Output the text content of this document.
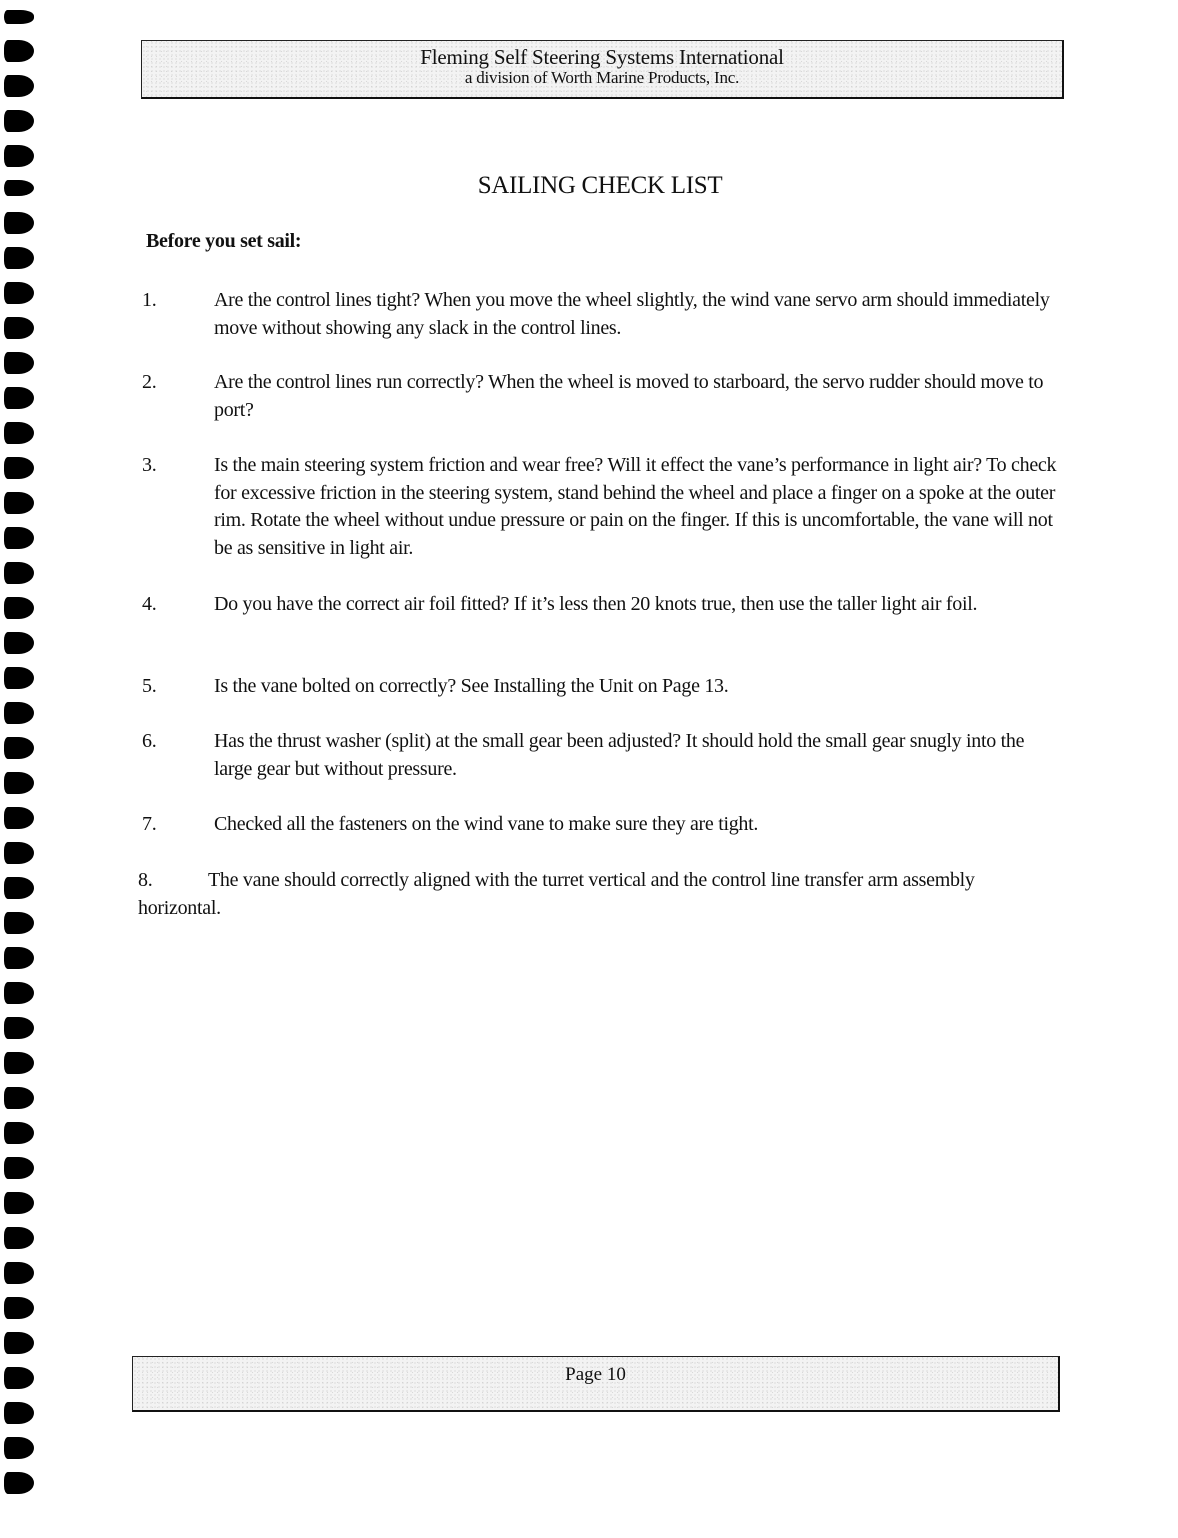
Fleming Self Steering Systems International
a division of Worth Marine Products, Inc.
SAILING CHECK LIST
Before you set sail:
1.	Are the control lines tight? When you move the wheel slightly, the wind vane servo arm should immediately move without showing any slack in the control lines.
2.	Are the control lines run correctly? When the wheel is moved to starboard, the servo rudder should move to port?
3.	Is the main steering system friction and wear free? Will it effect the vane’s performance in light air? To check for excessive friction in the steering system, stand behind the wheel and place a finger on a spoke at the outer rim. Rotate the wheel without undue pressure or pain on the finger. If this is uncomfortable, the vane will not be as sensitive in light air.
4.	Do you have the correct air foil fitted? If it’s less then 20 knots true, then use the taller light air foil.
5.	Is the vane bolted on correctly? See Installing the Unit on Page 13.
6.	Has the thrust washer (split) at the small gear been adjusted? It should hold the small gear snugly into the large gear but without pressure.
7.	Checked all the fasteners on the wind vane to make sure they are tight.
8.	The vane should correctly aligned with the turret vertical and the control line transfer arm assembly horizontal.
Page 10
